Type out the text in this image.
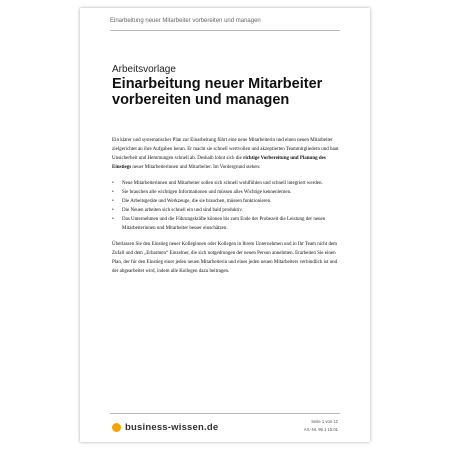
Einarbeitung neuer Mitarbeiter vorbereiten und managen
Arbeitsvorlage
Einarbeitung neuer Mitarbeiter vorbereiten und managen

Ein klarer und systematischer Plan zur Einarbeitung führt eine neue Mitarbeiterin und einen neuen Mitarbeiter zielgerichtet an ihre Aufgaben heran. Er macht sie schnell wertvollen und akzeptierten Teammitgliedern und baut Unsicherheit und Hemmungen schnell ab. Deshalb lohnt sich die richtige Vorbereitung und Planung des Einstiegs neuer Mitarbeiterinnen und Mitarbeiter. Im Vordergrund stehen:

• Neue Mitarbeiterinnen und Mitarbeiter sollen sich schnell wohlfühlen und schnell integriert werden.
• Sie brauchen alle wichtigen Informationen und müssen alles Wichtige kennenlernen.
• Die Arbeitsgeräte und Werkzeuge, die sie brauchen, müssen funktionieren.
• Die Neuen arbeiten sich schnell ein und sind bald produktiv.
• Das Unternehmen und die Führungskräfte können bis zum Ende der Probezeit die Leistung der neuen Mitarbeiterinnen und Mitarbeiter besser einschätzen.

Überlassen Sie den Einstieg neuer Kolleginnen oder Kollegen in Ihrem Unternehmen und in Ihr Team nicht dem Zufall und dem „Erbarmen“ Einzelner, die sich notgedrungen der neuen Person annehmen. Erarbeiten Sie einen Plan, der für den Einstieg einer jeden neuen Mitarbeiterin und eines jeden neuen Mitarbeiters verbindlich ist und der abgearbeitet wird, indem alle Kollegen dazu beitragen.

business-wissen.de	Seite 1 von 12
Art.-Nr. 99.1 15.01
